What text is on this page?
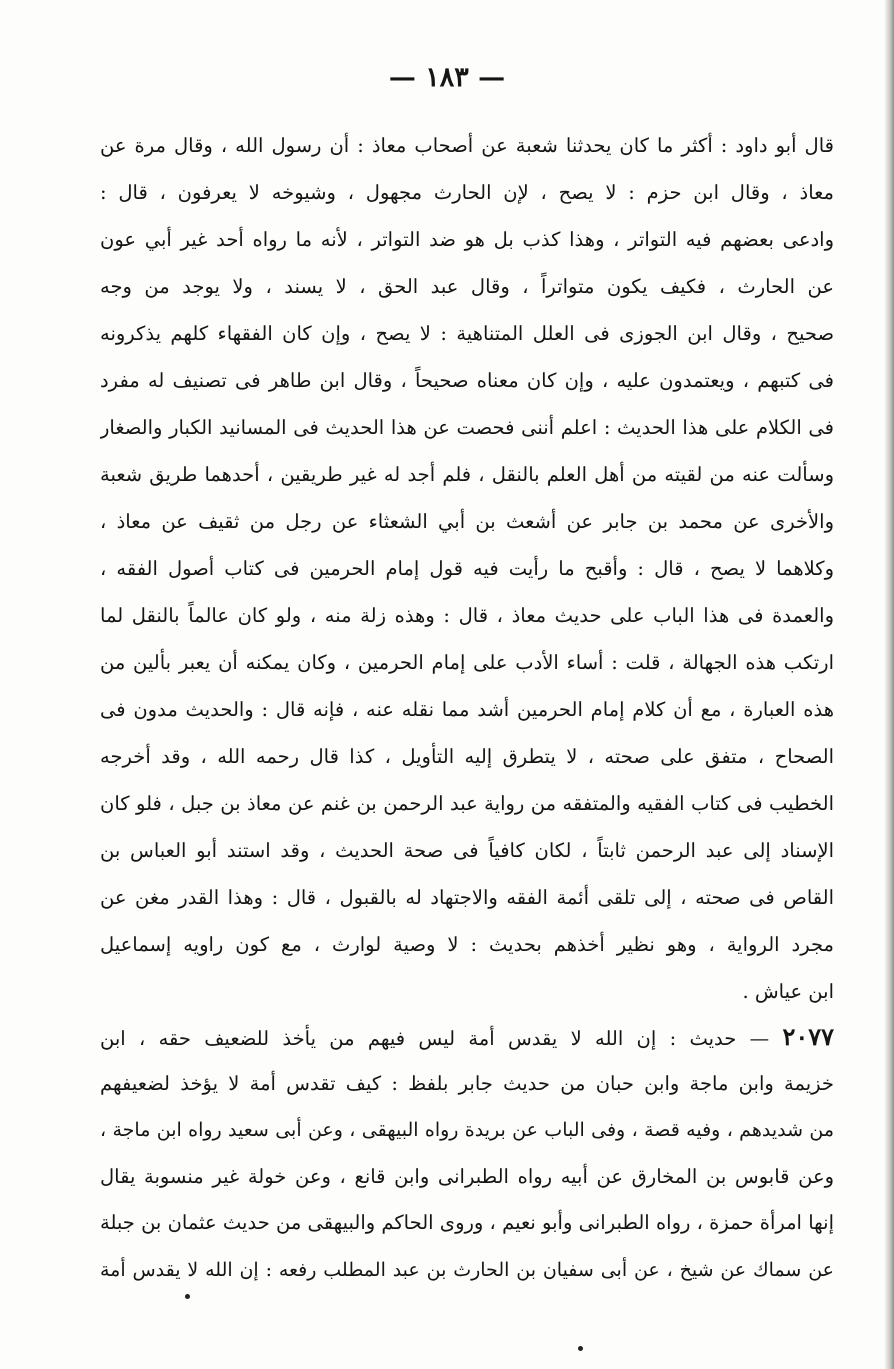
— ١٨٣ —
قال أبو داود : أكثر ما كان يحدثنا شعبة عن أصحاب معاذ : أن رسول الله ، وقال مرة عن
معاذ ، وقال ابن حزم : لا يصح ، لإن الحارث مجهول ، وشيوخه لا يعرفون ، قال :
وادعى بعضهم فيه التواتر ، وهذا كذب بل هو ضد التواتر ، لأنه ما رواه أحد غير أبي عون
عن الحارث ، فكيف يكون متواتراً ، وقال عبد الحق ، لا يسند ، ولا يوجد من وجه
صحيح ، وقال ابن الجوزى فى العلل المتناهية : لا يصح ، وإن كان الفقهاء كلهم يذكرونه
فى كتبهم ، ويعتمدون عليه ، وإن كان معناه صحيحاً ، وقال ابن طاهر فى تصنيف له مفرد
فى الكلام على هذا الحديث : اعلم أننى فحصت عن هذا الحديث فى المسانيد الكبار والصغار
وسألت عنه من لقيته من أهل العلم بالنقل ، فلم أجد له غير طريقين ، أحدهما طريق شعبة
والأخرى عن محمد بن جابر عن أشعث بن أبي الشعثاء عن رجل من ثقيف عن معاذ ،
وكلاهما لا يصح ، قال : وأقبح ما رأيت فيه قول إمام الحرمين فى كتاب أصول الفقه ،
والعمدة فى هذا الباب على حديث معاذ ، قال : وهذه زلة منه ، ولو كان عالماً بالنقل لما
ارتكب هذه الجهالة ، قلت : أساء الأدب على إمام الحرمين ، وكان يمكنه أن يعبر بألين من
هذه العبارة ، مع أن كلام إمام الحرمين أشد مما نقله عنه ، فإنه قال : والحديث مدون فى
الصحاح ، متفق على صحته ، لا يتطرق إليه التأويل ، كذا قال رحمه الله ، وقد أخرجه
الخطيب فى كتاب الفقيه والمتفقه من رواية عبد الرحمن بن غنم عن معاذ بن جبل ، فلو كان
الإسناد إلى عبد الرحمن ثابتاً ، لكان كافياً فى صحة الحديث ، وقد استند أبو العباس بن
القاص فى صحته ، إلى تلقى أئمة الفقه والاجتهاد له بالقبول ، قال : وهذا القدر مغن عن
مجرد الرواية ، وهو نظير أخذهم بحديث : لا وصية لوارث ، مع كون راويه إسماعيل
ابن عياش .
٢٠٧٧ — حديث : إن الله لا يقدس أمة ليس فيهم من يأخذ للضعيف حقه ، ابن
خزيمة وابن ماجة وابن حبان من حديث جابر بلفظ : كيف تقدس أمة لا يؤخذ لضعيفهم
من شديدهم ، وفيه قصة ، وفى الباب عن بريدة رواه البيهقى ، وعن أبى سعيد رواه ابن ماجة ،
وعن قابوس بن المخارق عن أبيه رواه الطبرانى وابن قانع ، وعن خولة غير منسوبة يقال
إنها امرأة حمزة ، رواه الطبرانى وأبو نعيم ، وروى الحاكم والبيهقى من حديث عثمان بن جبلة
عن سماك عن شيخ ، عن أبى سفيان بن الحارث بن عبد المطلب رفعه : إن الله لا يقدس أمة
